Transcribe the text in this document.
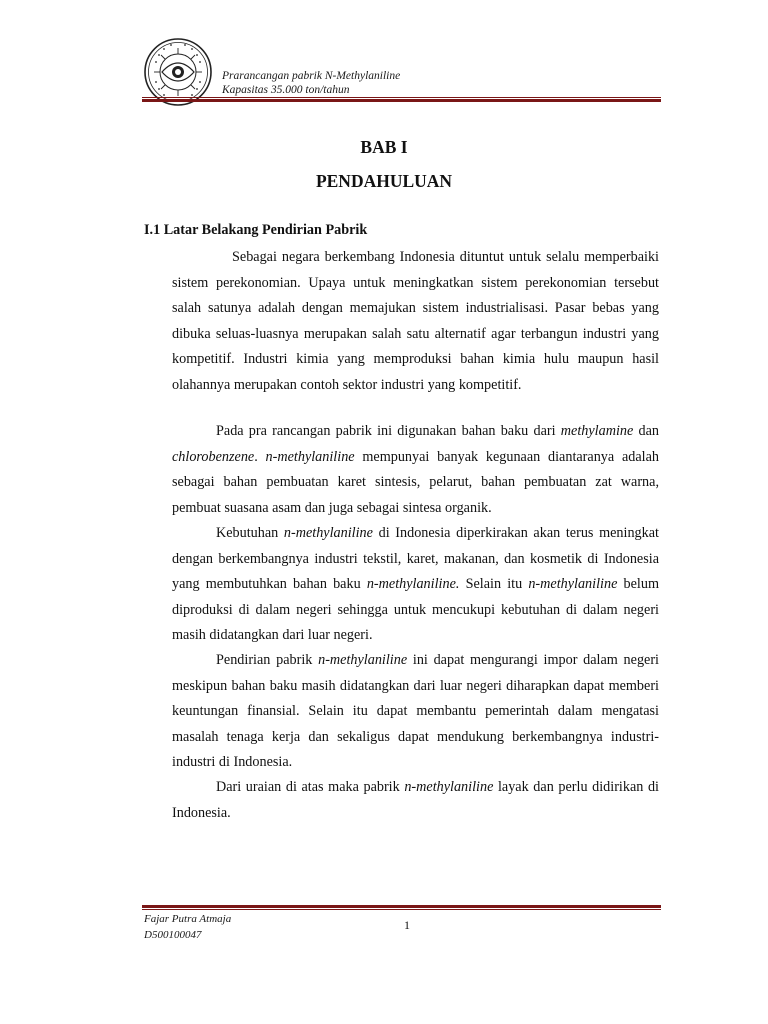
Prarancangan pabrik N-Methylaniline
Kapasitas 35.000 ton/tahun
BAB I
PENDAHULUAN
I.1 Latar Belakang Pendirian Pabrik
Sebagai negara berkembang Indonesia dituntut untuk selalu memperbaiki sistem perekonomian. Upaya untuk meningkatkan sistem perekonomian tersebut salah satunya adalah dengan memajukan sistem industrialisasi. Pasar bebas yang dibuka seluas-luasnya merupakan salah satu alternatif agar terbangun industri yang kompetitif. Industri kimia yang memproduksi bahan kimia hulu maupun hasil olahannya merupakan contoh sektor industri yang kompetitif.
Pada pra rancangan pabrik ini digunakan bahan baku dari methylamine dan chlorobenzene. n-methylaniline mempunyai banyak kegunaan diantaranya adalah sebagai bahan pembuatan karet sintesis, pelarut, bahan pembuatan zat warna, pembuat suasana asam dan juga sebagai sintesa organik.
Kebutuhan n-methylaniline di Indonesia diperkirakan akan terus meningkat dengan berkembangnya industri tekstil, karet, makanan, dan kosmetik di Indonesia yang membutuhkan bahan baku n-methylaniline. Selain itu n-methylaniline belum diproduksi di dalam negeri sehingga untuk mencukupi kebutuhan di dalam negeri masih didatangkan dari luar negeri.
Pendirian pabrik n-methylaniline ini dapat mengurangi impor dalam negeri meskipun bahan baku masih didatangkan dari luar negeri diharapkan dapat memberi keuntungan finansial. Selain itu dapat membantu pemerintah dalam mengatasi masalah tenaga kerja dan sekaligus dapat mendukung berkembangnya industri-industri di Indonesia.
Dari uraian di atas maka pabrik n-methylaniline layak dan perlu didirikan di Indonesia.
Fajar Putra Atmaja
D500100047
1
